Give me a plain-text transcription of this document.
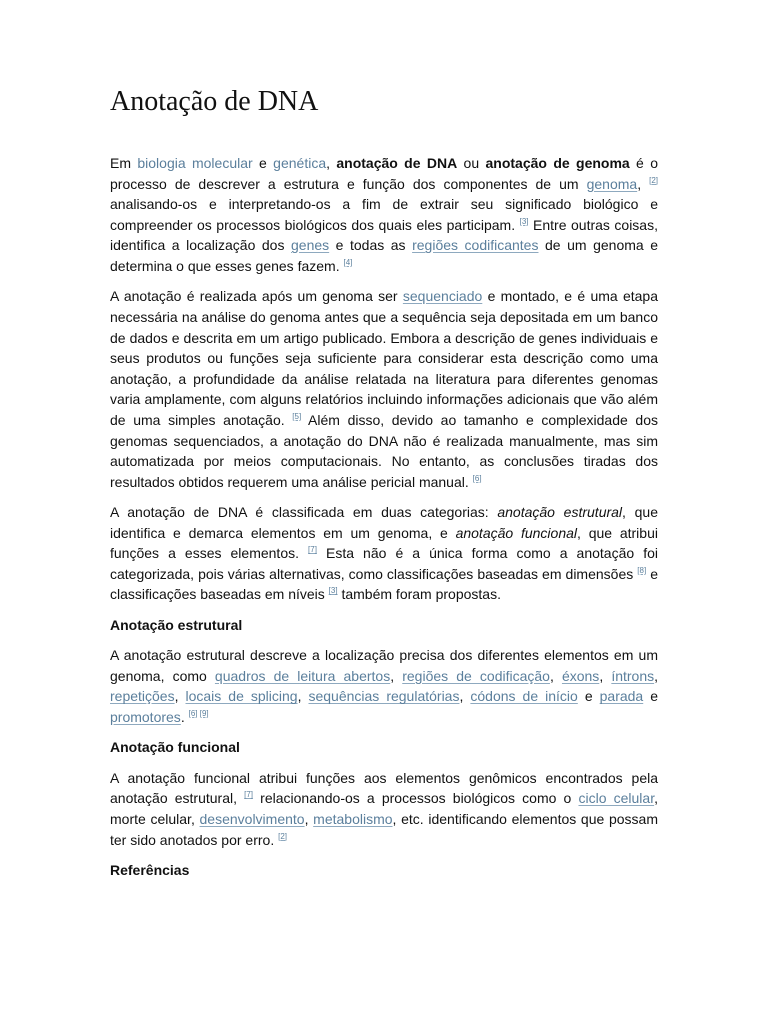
Anotação de DNA

Em biologia molecular e genética, anotação de DNA ou anotação de genoma é o processo de descrever a estrutura e função dos componentes de um genoma, [2] analisando-os e interpretando-os a fim de extrair seu significado biológico e compreender os processos biológicos dos quais eles participam. [3] Entre outras coisas, identifica a localização dos genes e todas as regiões codificantes de um genoma e determina o que esses genes fazem. [4]

A anotação é realizada após um genoma ser sequenciado e montado, e é uma etapa necessária na análise do genoma antes que a sequência seja depositada em um banco de dados e descrita em um artigo publicado. Embora a descrição de genes individuais e seus produtos ou funções seja suficiente para considerar esta descrição como uma anotação, a profundidade da análise relatada na literatura para diferentes genomas varia amplamente, com alguns relatórios incluindo informações adicionais que vão além de uma simples anotação. [5] Além disso, devido ao tamanho e complexidade dos genomas sequenciados, a anotação do DNA não é realizada manualmente, mas sim automatizada por meios computacionais. No entanto, as conclusões tiradas dos resultados obtidos requerem uma análise pericial manual. [6]

A anotação de DNA é classificada em duas categorias: anotação estrutural, que identifica e demarca elementos em um genoma, e anotação funcional, que atribui funções a esses elementos. [7] Esta não é a única forma como a anotação foi categorizada, pois várias alternativas, como classificações baseadas em dimensões [8] e classificações baseadas em níveis [3] também foram propostas.

Anotação estrutural

A anotação estrutural descreve a localização precisa dos diferentes elementos em um genoma, como quadros de leitura abertos, regiões de codificação, éxons, íntrons, repetições, locais de splicing, sequências regulatórias, códons de início e parada e promotores. [6] [9]

Anotação funcional

A anotação funcional atribui funções aos elementos genômicos encontrados pela anotação estrutural, [7] relacionando-os a processos biológicos como o ciclo celular, morte celular, desenvolvimento, metabolismo, etc. identificando elementos que possam ter sido anotados por erro. [2]

Referências
